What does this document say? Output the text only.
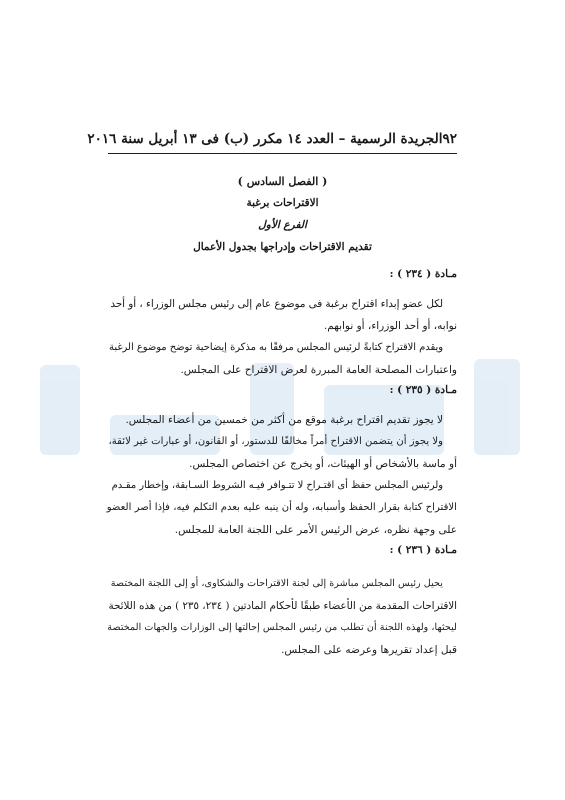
٩٢
الجريدة الرسمية – العدد ١٤ مكرر (ب) فى ١٣ أبريل سنة ٢٠١٦

( الفصل السادس )

الاقتراحات برغبة

الفرع الأول

تقديم الاقتراحات وإدراجها بجدول الأعمال

مـادة ( ٢٣٤ ) :

لكل عضو إبداء اقتراح برغبة فى موضوع عام إلى رئيس مجلس الوزراء ، أو أحد

نوابه، أو أحد الوزراء، أو نوابهم.

ويقدم الاقتراح كتابةً لرئيس المجلس مرفقًا به مذكرة إيضاحية توضح موضوع الرغبة

واعتبارات المصلحة العامة المبررة لعرض الاقتراح على المجلس.

مـادة ( ٢٣٥ ) :

لا يجوز تقديم اقتراح برغبة موقع من أكثر من خمسين من أعضاء المجلس.

ولا يجوز أن يتضمن الاقتراح أمراً مخالفًا للدستور، أو القانون، أو عبارات غير لائقة،

أو ماسة بالأشخاص أو الهيئات، أو يخرج عن اختصاص المجلس.

ولرئيس المجلس حفظ أى اقتـراح لا تتـوافر فيـه الشروط السـابقة، وإخطار مقـدم

الاقتراح كتابة بقرار الحفظ وأسبابه، وله أن ينبه عليه بعدم التكلم فيه، فإذا أصر العضو

على وجهة نظره، عرض الرئيس الأمر على اللجنة العامة للمجلس.

مـادة ( ٢٣٦ ) :

يحيل رئيس المجلس مباشرة إلى لجنة الاقتراحات والشكاوى، أو إلى اللجنة المختصة

الاقتراحات المقدمة من الأعضاء طبقًا لأحكام المادتين ( ٢٣٤، ٢٣٥ ) من هذه اللائحة

ليحثها، ولهذه اللجنة أن تطلب من رئيس المجلس إحالتها إلى الوزارات والجهات المختصة

قبل إعداد تقريرها وعرضه على المجلس.
